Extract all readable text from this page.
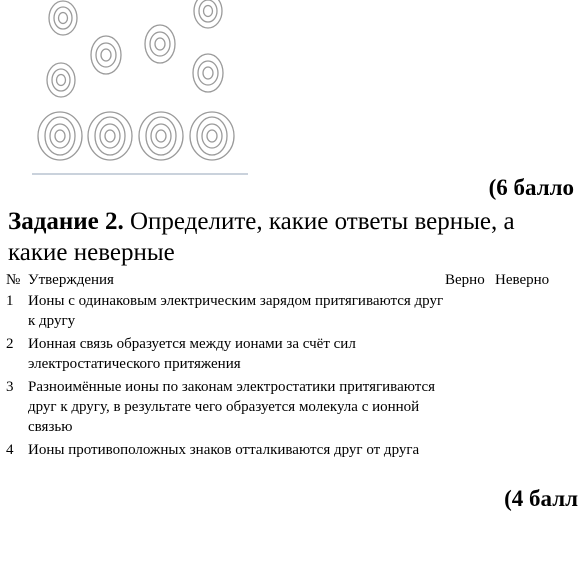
(6 балло
Задание 2. Определите, какие ответы верные, а какие неверные
№	Утверждения	Верно	Неверно
1	Ионы с одинаковым электрическим зарядом притягиваются друг к другу		
2	Ионная связь образуется между ионами за счёт сил электростатического притяжения		
3	Разноимённые ионы по законам электростатики притягиваются друг к другу, в результате чего образуется молекула с ионной связью		
4	Ионы противоположных знаков отталкиваются друг от друга		
(4 балл
